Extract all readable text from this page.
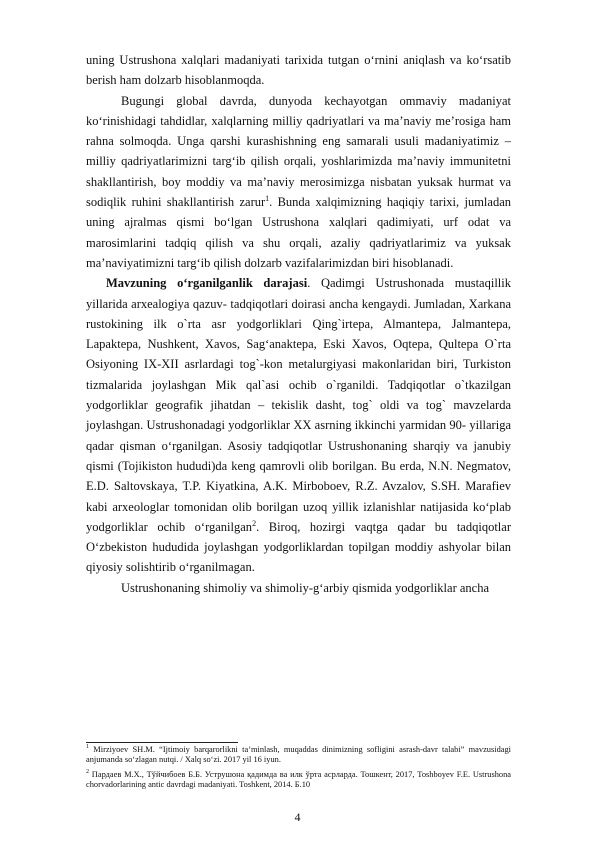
uning Ustrushona xalqlari madaniyati tarixida tutgan o‘rnini aniqlash va ko‘rsatib berish ham dolzarb hisoblanmoqda.

Bugungi global davrda, dunyoda kechayotgan ommaviy madaniyat ko‘rinishidagi tahdidlar, xalqlarning milliy qadriyatlari va ma’naviy me’rosiga ham rahna solmoqda. Unga qarshi kurashishning eng samarali usuli madaniyatimiz – milliy qadriyatlarimizni targ‘ib qilish orqali, yoshlarimizda ma’naviy immunitetni shakllantirish, boy moddiy va ma’naviy merosimizga nisbatan yuksak hurmat va sodiqlik ruhini shakllantirish zarur$^1$. Bunda xalqimizning haqiqiy tarixi, jumladan uning ajralmas qismi bo‘lgan Ustrushona xalqlari qadimiyati, urf odat va marosimlarini tadqiq qilish va shu orqali, azaliy qadriyatlarimiz va yuksak ma’naviyatimizni targ‘ib qilish dolzarb vazifalarimizdan biri hisoblanadi.

Mavzuning o‘rganilganlik darajasi. Qadimgi Ustrushonada mustaqillik yillarida arxealogiya qazuv- tadqiqotlari doirasi ancha kengaydi. Jumladan, Xarkana rustokining ilk o`rta asr yodgorliklari Qing`irtepa, Almantepa, Jalmantepa, Lapaktepa, Nushkent, Xavos, Sag‘anaktepa, Eski Xavos, Oqtepa, Qultepa O`rta Osiyoning IX-XII asrlardagi tog`-kon metalurgiyasi makonlaridan biri, Turkiston tizmalarida joylashgan Mik qal`asi ochib o`rganildi. Tadqiqotlar o`tkazilgan yodgorliklar geografik jihatdan – tekislik dasht, tog` oldi va tog` mavzelarda joylashgan. Ustrushonadagi yodgorliklar XX asrning ikkinchi yarmidan 90- yillariga qadar qisman o‘rganilgan. Asosiy tadqiqotlar Ustrushonaning sharqiy va janubiy qismi (Tojikiston hududi)da keng qamrovli olib borilgan. Bu erda, N.N. Negmatov, E.D. Saltovskaya, T.P. Kiyatkina, A.K. Mirboboev, R.Z. Avzalov, S.SH. Marafiev kabi arxeologlar tomonidan olib borilgan uzoq yillik izlanishlar natijasida ko‘plab yodgorliklar ochib o‘rganilgan$^2$. Biroq, hozirgi vaqtga qadar bu tadqiqotlar O‘zbekiston hududida joylashgan yodgorliklardan topilgan moddiy ashyolar bilan qiyosiy solishtirib o‘rganilmagan.

Ustrushonaning shimoliy va shimoliy-g‘arbiy qismida yodgorliklar ancha

$^1$ Mirziyoev SH.M. “Ijtimoiy barqarorlikni ta’minlash, muqaddas dinimizning sofligini asrash-davr talabi” mavzusidagi anjumanda so‘zlagan nutqi. / Xalq so‘zi. 2017 yil 16 iyun.

$^2$ Пардаев М.Х., Тўйчибоев Б.Б. Уструшона қадимда ва илк ўрта асрларда. Тошкент, 2017, Toshboyev F.E. Ustrushona chorvadorlarining antic davrdagi madaniyati. Toshkent, 2014. Б.10

4
